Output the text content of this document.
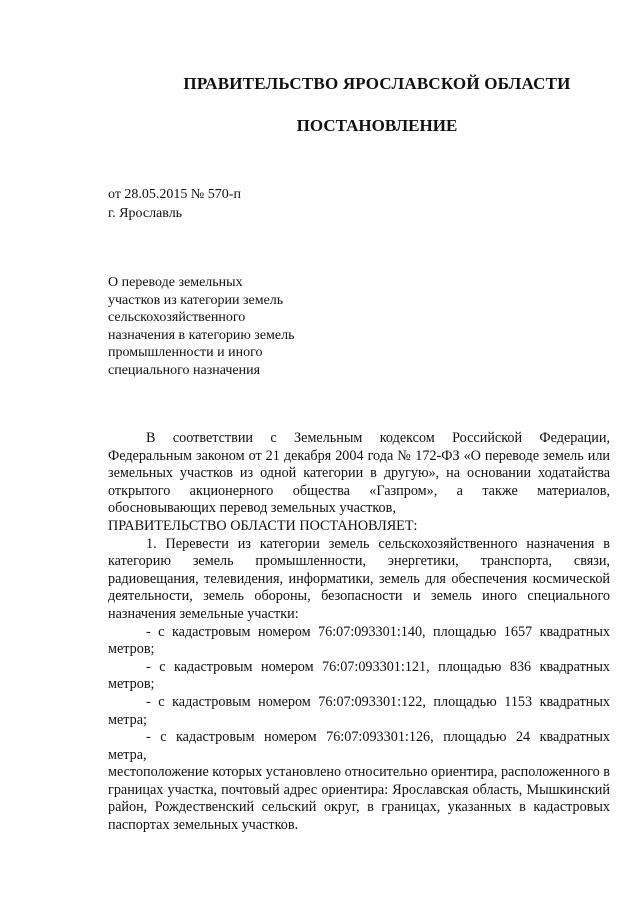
ПРАВИТЕЛЬСТВО ЯРОСЛАВСКОЙ ОБЛАСТИ
ПОСТАНОВЛЕНИЕ
от 28.05.2015 № 570-п
г. Ярославль
О переводе земельных
участков из категории земель
сельскохозяйственного
назначения в категорию земель
промышленности и иного
специального назначения

В соответствии с Земельным кодексом Российской Федерации, Федеральным законом от 21 декабря 2004 года № 172-ФЗ «О переводе земель или земельных участков из одной категории в другую», на основании ходатайства открытого акционерного общества «Газпром», а также материалов, обосновывающих перевод земельных участков,

ПРАВИТЕЛЬСТВО ОБЛАСТИ ПОСТАНОВЛЯЕТ:

1. Перевести из категории земель сельскохозяйственного назначения в категорию земель промышленности, энергетики, транспорта, связи, радиовещания, телевидения, информатики, земель для обеспечения космической деятельности, земель обороны, безопасности и земель иного специального назначения земельные участки:

- с кадастровым номером 76:07:093301:140, площадью 1657 квадратных метров;

- с кадастровым номером 76:07:093301:121, площадью 836 квадратных метров;

- с кадастровым номером 76:07:093301:122, площадью 1153 квадратных метра;

- с кадастровым номером 76:07:093301:126, площадью 24 квадратных метра,

местоположение которых установлено относительно ориентира, расположенного в границах участка, почтовый адрес ориентира: Ярославская область, Мышкинский район, Рождественский сельский округ, в границах, указанных в кадастровых паспортах земельных участков.
